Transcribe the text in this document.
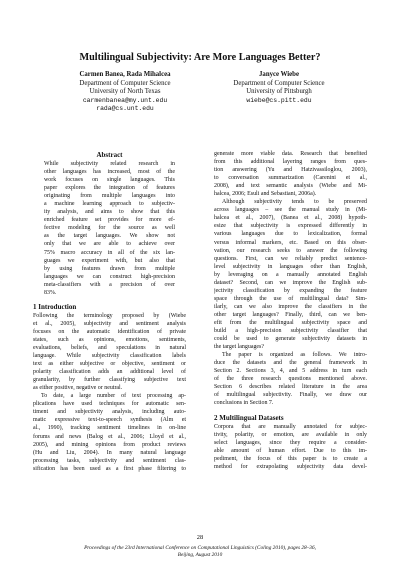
Multilingual Subjectivity: Are More Languages Better?
Carmen Banea, Rada Mihalcea
Department of Computer Science
University of North Texas
carmenbanea@my.unt.edu
rada@cs.unt.edu
Janyce Wiebe
Department of Computer Science
University of Pittsburgh
wiebe@cs.pitt.edu
Abstract
While subjectivity related research in
other languages has increased, most of the
work focuses on single languages. This
paper explores the integration of features
originating from multiple languages into
a machine learning approach to subjectiv-
ity analysis, and aims to show that this
enriched feature set provides for more ef-
fective modeling for the source as well
as the target languages. We show not
only that we are able to achieve over
75% macro accuracy in all of the six lan-
guages we experiment with, but also that
by using features drawn from multiple
languages we can construct high-precision
meta-classifiers with a precision of over
83%.
1 Introduction
Following the terminology proposed by (Wiebe
et al., 2005), subjectivity and sentiment analysis
focuses on the automatic identification of private
states, such as opinions, emotions, sentiments,
evaluations, beliefs, and speculations in natural
language. While subjectivity classification labels
text as either subjective or objective, sentiment or
polarity classification adds an additional level of
granularity, by further classifying subjective text
as either positive, negative or neutral.
To date, a large number of text processing ap-
plications have used techniques for automatic sen-
timent and subjectivity analysis, including auto-
matic expressive text-to-speech synthesis (Alm et
al., 1990), tracking sentiment timelines in on-line
forums and news (Balog et al., 2006; Lloyd et al.,
2005), and mining opinions from product reviews
(Hu and Liu, 2004). In many natural language
processing tasks, subjectivity and sentiment clas-
sification has been used as a first phase filtering to
generate more viable data. Research that benefited
from this additional layering ranges from ques-
tion answering (Yu and Hatzivassiloglou, 2003),
to conversation summarization (Carenini et al.,
2008), and text semantic analysis (Wiebe and Mi-
halcea, 2006; Esuli and Sebastiani, 2006a).
Although subjectivity tends to be preserved
across languages – see the manual study in (Mi-
halcea et al., 2007), (Banea et al., 2008) hypoth-
esize that subjectivity is expressed differently in
various languages due to lexicalization, formal
versus informal markers, etc. Based on this obser-
vation, our research seeks to answer the following
questions. First, can we reliably predict sentence-
level subjectivity in languages other than English,
by leveraging on a manually annotated English
dataset? Second, can we improve the English sub-
jectivity classification by expanding the feature
space through the use of multilingual data? Sim-
ilarly, can we also improve the classifiers in the
other target languages? Finally, third, can we ben-
efit from the multilingual subjectivity space and
build a high-precision subjectivity classifier that
could be used to generate subjectivity datasets in
the target languages?
The paper is organized as follows. We intro-
duce the datasets and the general framework in
Section 2. Sections 3, 4, and 5 address in turn each
of the three research questions mentioned above.
Section 6 describes related literature in the area
of multilingual subjectivity. Finally, we draw our
conclusions in Section 7.
2 Multilingual Datasets
Corpora that are manually annotated for subjec-
tivity, polarity, or emotion, are available in only
select languages, since they require a consider-
able amount of human effort. Due to this im-
pediment, the focus of this paper is to create a
method for extrapolating subjectivity data devel-
28
Proceedings of the 23rd International Conference on Computational Linguistics (Coling 2010), pages 28–36,
Beijing, August 2010
